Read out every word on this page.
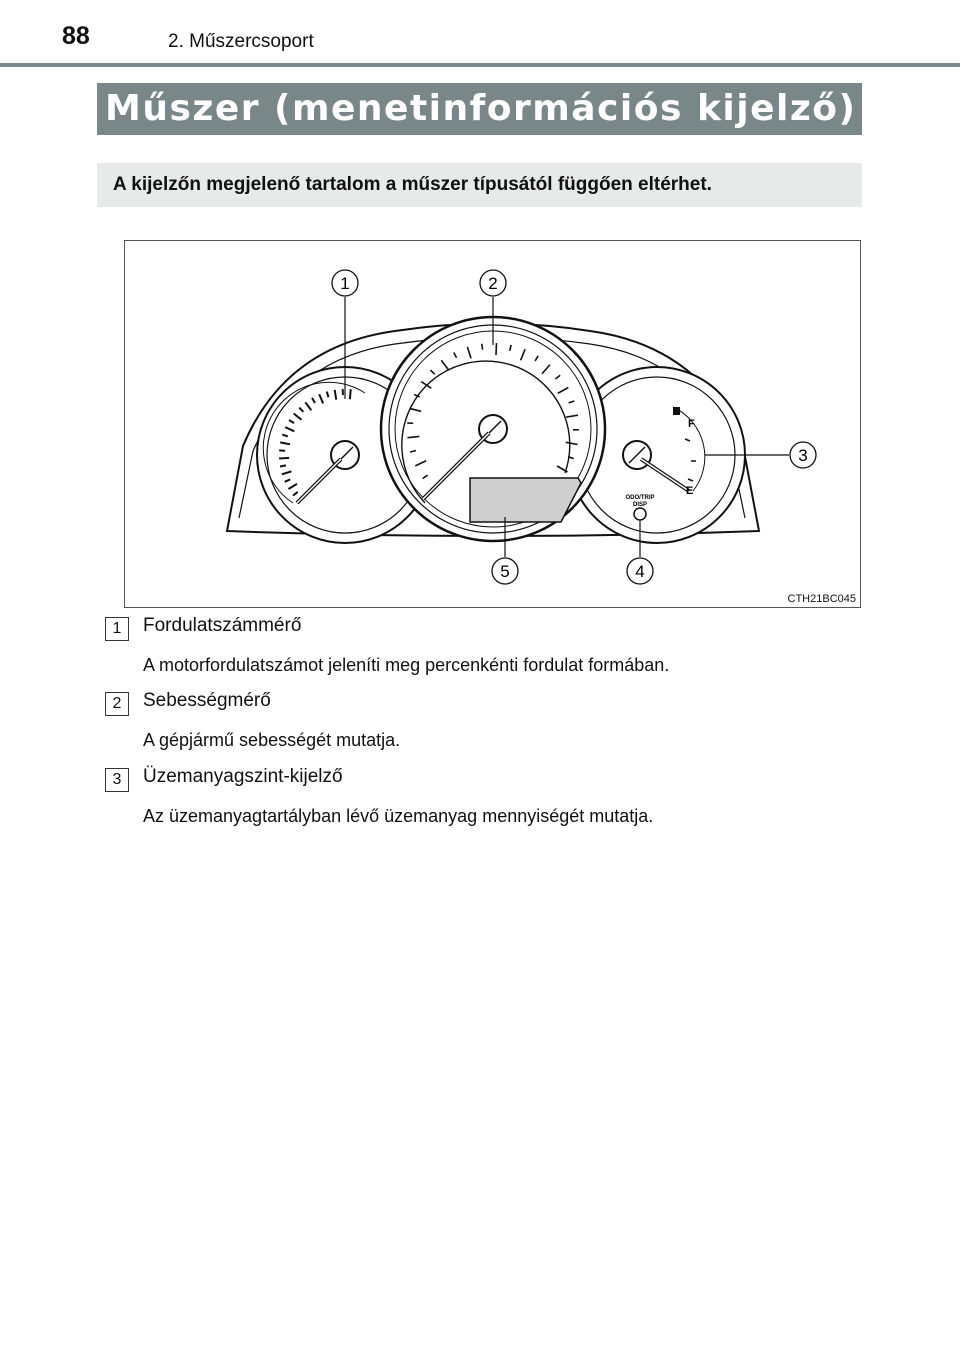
88	2. Műszercsoport
Műszer (menetinformációs kijelző)
A kijelzőn megjelenő tartalom a műszer típusától függően eltérhet.
F
E
ODO/TRIP
DISP
1	2
3
4
5
CTH21BC045
1	Fordulatszámmérő
A motorfordulatszámot jeleníti meg percenkénti fordulat formában.
2	Sebességmérő
A gépjármű sebességét mutatja.
3	Üzemanyagszint-kijelző
Az üzemanyagtartályban lévő üzemanyag mennyiségét mutatja.
